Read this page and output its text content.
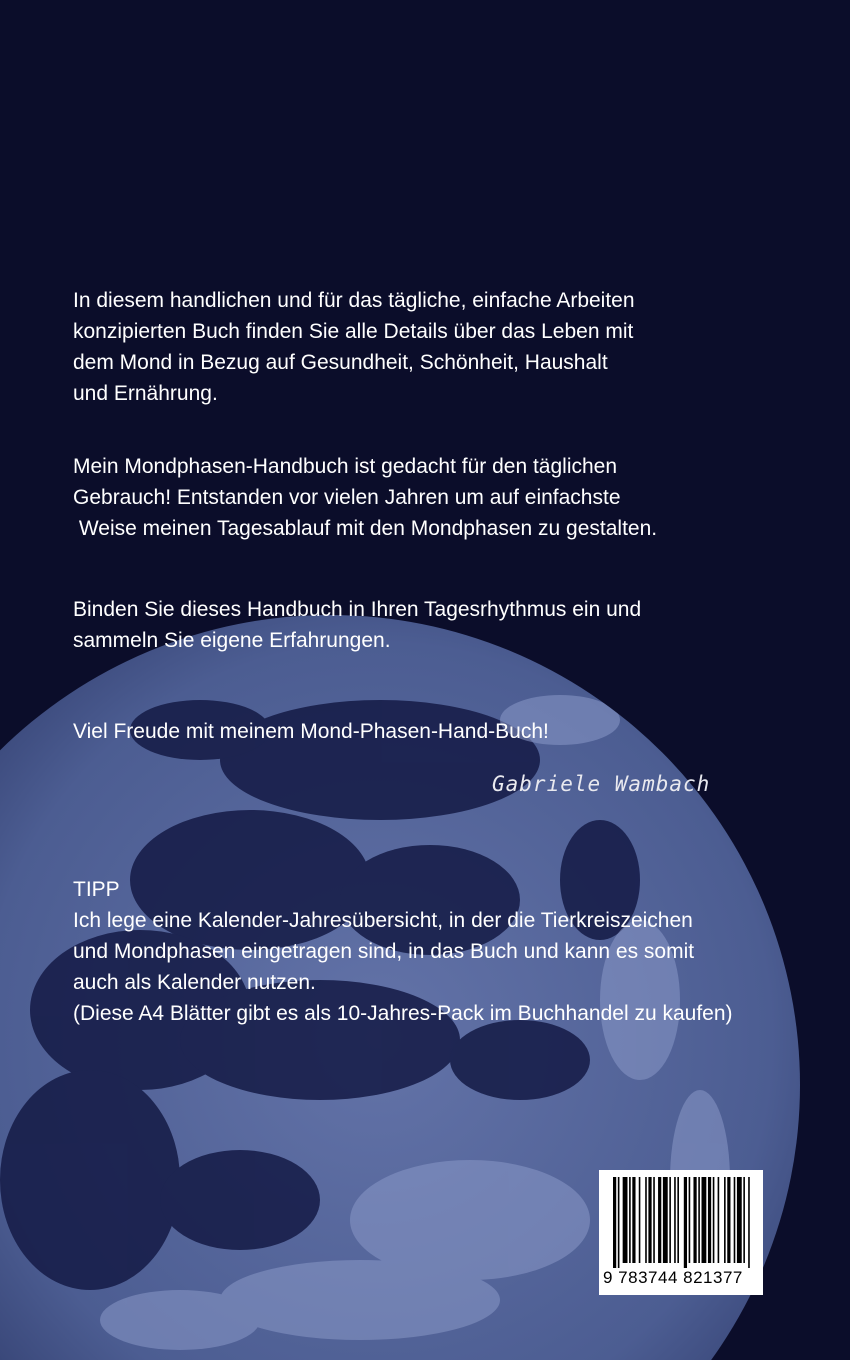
In diesem handlichen und für das tägliche, einfache Arbeiten

konzipierten Buch finden Sie alle Details über das Leben mit

dem Mond in Bezug auf Gesundheit, Schönheit, Haushalt

und Ernährung.

Mein Mondphasen-Handbuch ist gedacht für den täglichen

Gebrauch! Entstanden vor vielen Jahren um auf einfachste

Weise meinen Tagesablauf mit den Mondphasen zu gestalten.

Binden Sie dieses Handbuch in Ihren Tagesrhythmus ein und

sammeln Sie eigene Erfahrungen.

Viel Freude mit meinem Mond-Phasen-Hand-Buch!

Gabriele Wambach

TIPP

Ich lege eine Kalender-Jahresübersicht, in der die Tierkreiszeichen

und Mondphasen eingetragen sind, in das Buch und kann es somit

auch als Kalender nutzen.

(Diese A4 Blätter gibt es als 10-Jahres-Pack im Buchhandel zu kaufen)

9 783744 821377
